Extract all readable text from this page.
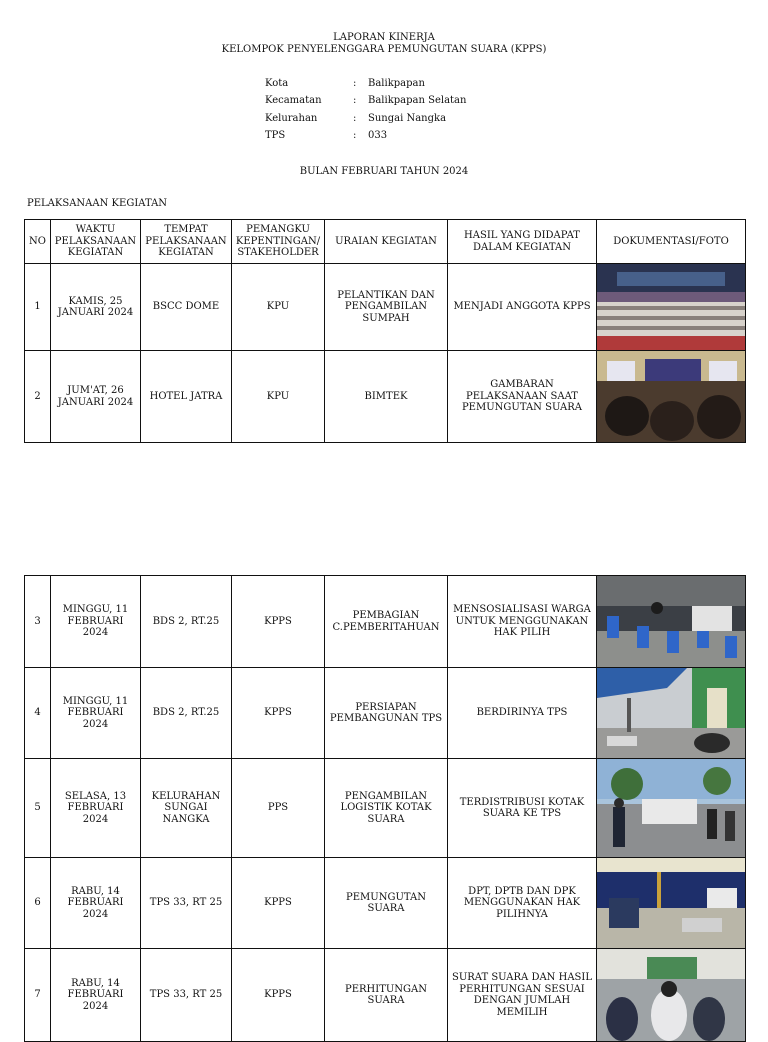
LAPORAN KINERJA
KELOMPOK PENYELENGGARA PEMUNGUTAN SUARA (KPPS)
Kota	: Balikpapan
Kecamatan	: Balikpapan Selatan
Kelurahan	: Sungai Nangka
TPS	: 033
BULAN FEBRUARI TAHUN 2024
PELAKSANAAN KEGIATAN
NO	WAKTU PELAKSANAAN KEGIATAN	TEMPAT PELAKSANAAN KEGIATAN	PEMANGKU KEPENTINGAN/ STAKEHOLDER	URAIAN KEGIATAN	HASIL YANG DIDAPAT DALAM KEGIATAN	DOKUMENTASI/FOTO
1	KAMIS, 25 JANUARI 2024	BSCC DOME	KPU	PELANTIKAN DAN PENGAMBILAN SUMPAH	MENJADI ANGGOTA KPPS	

2	JUM'AT, 26 JANUARI 2024	HOTEL JATRA	KPU	BIMTEK	GAMBARAN PELAKSANAAN SAAT PEMUNGUTAN SUARA	
3	MINGGU, 11 FEBRUARI 2024	BDS 2, RT.25	KPPS	PEMBAGIAN C.PEMBERITAHUAN	MENSOSIALISASI WARGA UNTUK MENGGUNAKAN HAK PILIH	

4	MINGGU, 11 FEBRUARI 2024	BDS 2, RT.25	KPPS	PERSIAPAN PEMBANGUNAN TPS	BERDIRINYA TPS	

5	SELASA, 13 FEBRUARI 2024	KELURAHAN SUNGAI NANGKA	PPS	PENGAMBILAN LOGISTIK KOTAK SUARA	TERDISTRIBUSI KOTAK SUARA KE TPS	

6	RABU, 14 FEBRUARI 2024	TPS 33, RT 25	KPPS	PEMUNGUTAN SUARA	DPT, DPTB DAN DPK MENGGUNAKAN HAK PILIHNYA	

7	RABU, 14 FEBRUARI 2024	TPS 33, RT 25	KPPS	PERHITUNGAN SUARA	SURAT SUARA DAN HASIL PERHITUNGAN SESUAI DENGAN JUMLAH MEMILIH	
